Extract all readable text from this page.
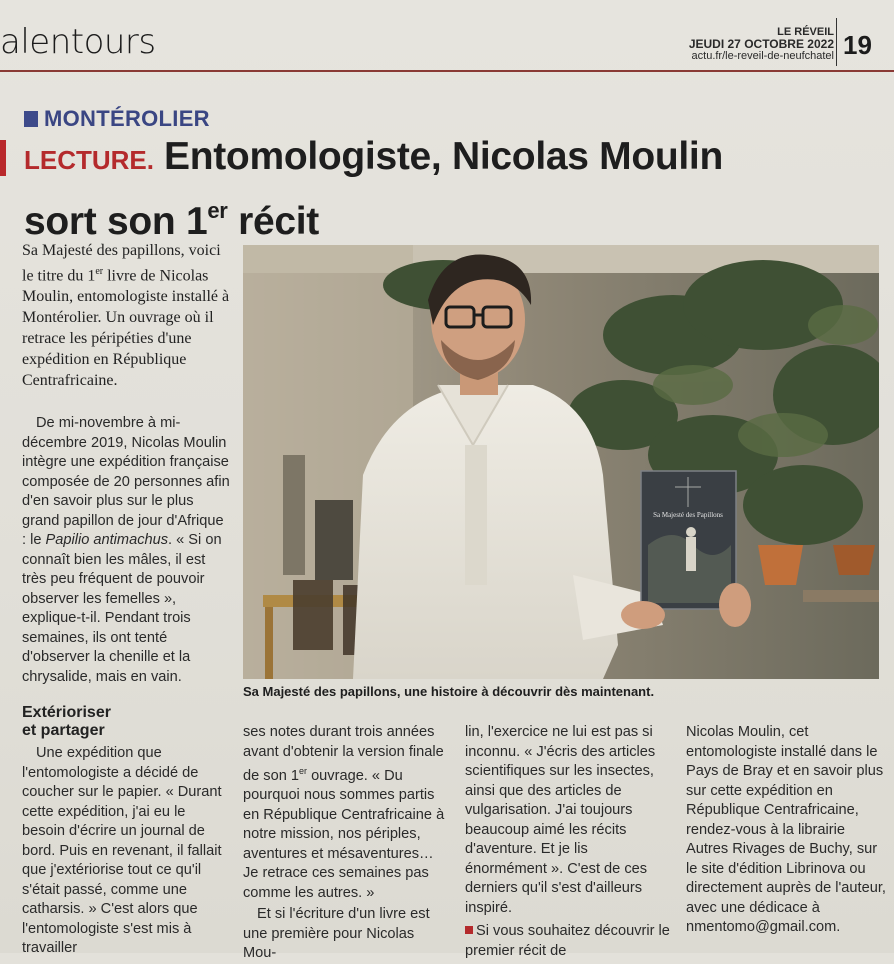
alentours	LE RÉVEIL
JEUDI 27 OCTOBRE 2022
actu.fr/le-reveil-de-neufchatel 19
MONTÉROLIER
LECTURE. Entomologiste, Nicolas Moulin
sort son 1er récit
Sa Majesté des papillons, voici le titre du 1er livre de Nicolas Moulin, entomologiste installé à Montérolier. Un ouvrage où il retrace les péripéties d'une expédition en République Centrafricaine.

De mi-novembre à mi-décembre 2019, Nicolas Moulin intègre une expédition française composée de 20 personnes afin d'en savoir plus sur le plus grand papillon de jour d'Afrique : le Papilio antimachus. « Si on connaît bien les mâles, il est très peu fréquent de pouvoir observer les femelles », explique-t-il. Pendant trois semaines, ils ont tenté d'observer la chenille et la chrysalide, mais en vain.

Extérioriser
et partager

Une expédition que l'entomologiste a décidé de coucher sur le papier. « Durant cette expédition, j'ai eu le besoin d'écrire un journal de bord. Puis en revenant, il fallait que j'extériorise tout ce qu'il s'était passé, comme une catharsis. » C'est alors que l'entomologiste s'est mis à travailler

Sa Majesté des Papillons
Sa Majesté des papillons, une histoire à découvrir dès maintenant.

ses notes durant trois années avant d'obtenir la version finale de son 1er ouvrage. « Du pourquoi nous sommes partis en République Centrafricaine à notre mission, nos périples, aventures et mésaventures… Je retrace ces semaines pas comme les autres. »

Et si l'écriture d'un livre est une première pour Nicolas Mou-

lin, l'exercice ne lui est pas si inconnu. « J'écris des articles scientifiques sur les insectes, ainsi que des articles de vulgarisation. J'ai toujours beaucoup aimé les récits d'aventure. Et je lis énormément ». C'est de ces derniers qu'il s'est d'ailleurs inspiré.

Si vous souhaitez découvrir le premier récit de

Nicolas Moulin, cet entomologiste installé dans le Pays de Bray et en savoir plus sur cette expédition en République Centrafricaine, rendez-vous à la librairie Autres Rivages de Buchy, sur le site d'édition Librinova ou directement auprès de l'auteur, avec une dédicace à nmentomo@gmail.com.
